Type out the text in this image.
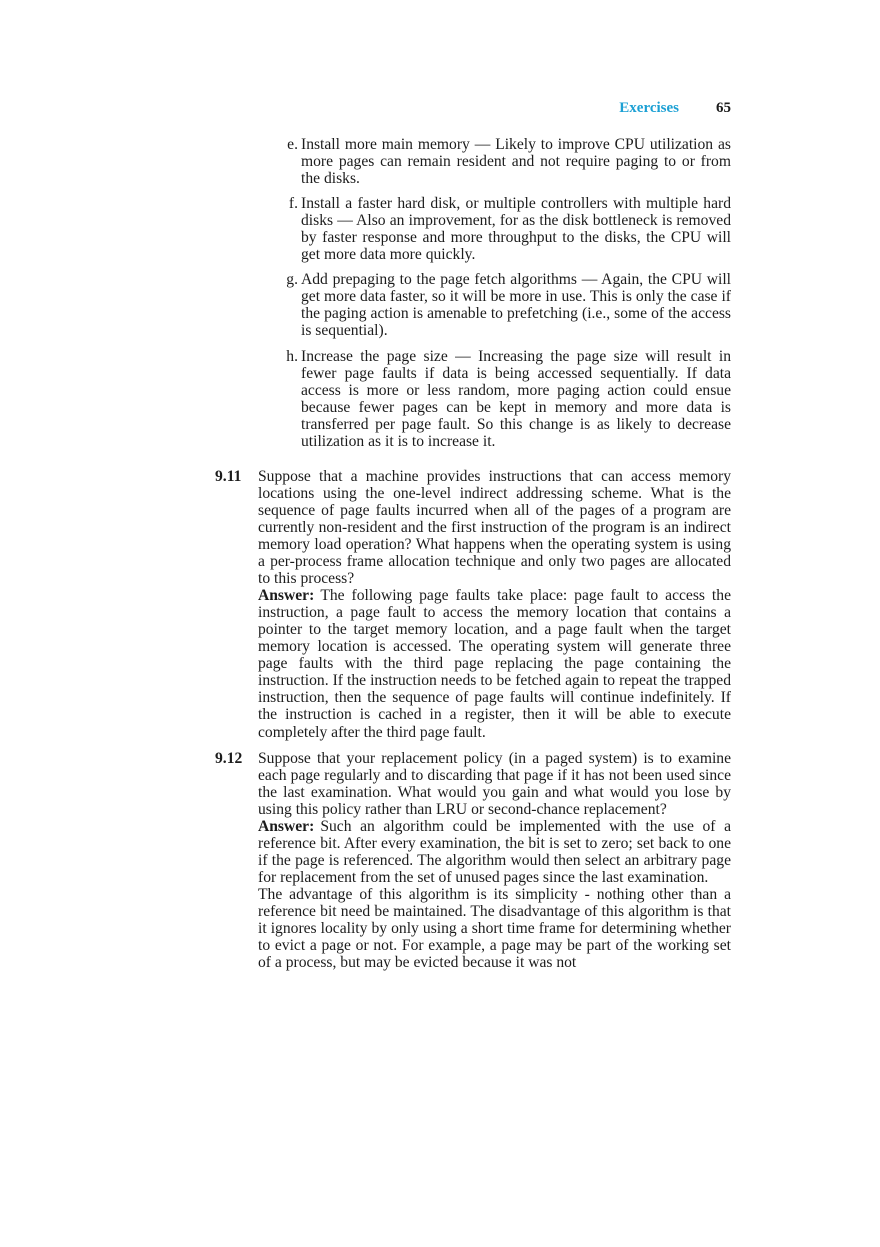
Exercises 65
e. Install more main memory — Likely to improve CPU utilization as more pages can remain resident and not require paging to or from the disks.
f. Install a faster hard disk, or multiple controllers with multiple hard disks — Also an improvement, for as the disk bottleneck is removed by faster response and more throughput to the disks, the CPU will get more data more quickly.
g. Add prepaging to the page fetch algorithms — Again, the CPU will get more data faster, so it will be more in use. This is only the case if the paging action is amenable to prefetching (i.e., some of the access is sequential).
h. Increase the page size — Increasing the page size will result in fewer page faults if data is being accessed sequentially. If data access is more or less random, more paging action could ensue because fewer pages can be kept in memory and more data is transferred per page fault. So this change is as likely to decrease utilization as it is to increase it.
9.11 Suppose that a machine provides instructions that can access memory locations using the one-level indirect addressing scheme. What is the sequence of page faults incurred when all of the pages of a program are currently non-resident and the first instruction of the program is an indirect memory load operation? What happens when the operating system is using a per-process frame allocation technique and only two pages are allocated to this process?

Answer: The following page faults take place: page fault to access the instruction, a page fault to access the memory location that contains a pointer to the target memory location, and a page fault when the target memory location is accessed. The operating system will generate three page faults with the third page replacing the page containing the instruction. If the instruction needs to be fetched again to repeat the trapped instruction, then the sequence of page faults will continue indefinitely. If the instruction is cached in a register, then it will be able to execute completely after the third page fault.

9.12 Suppose that your replacement policy (in a paged system) is to examine each page regularly and to discarding that page if it has not been used since the last examination. What would you gain and what would you lose by using this policy rather than LRU or second-chance replacement?

Answer: Such an algorithm could be implemented with the use of a reference bit. After every examination, the bit is set to zero; set back to one if the page is referenced. The algorithm would then select an arbitrary page for replacement from the set of unused pages since the last examination.

The advantage of this algorithm is its simplicity - nothing other than a reference bit need be maintained. The disadvantage of this algorithm is that it ignores locality by only using a short time frame for determining whether to evict a page or not. For example, a page may be part of the working set of a process, but may be evicted because it was not
